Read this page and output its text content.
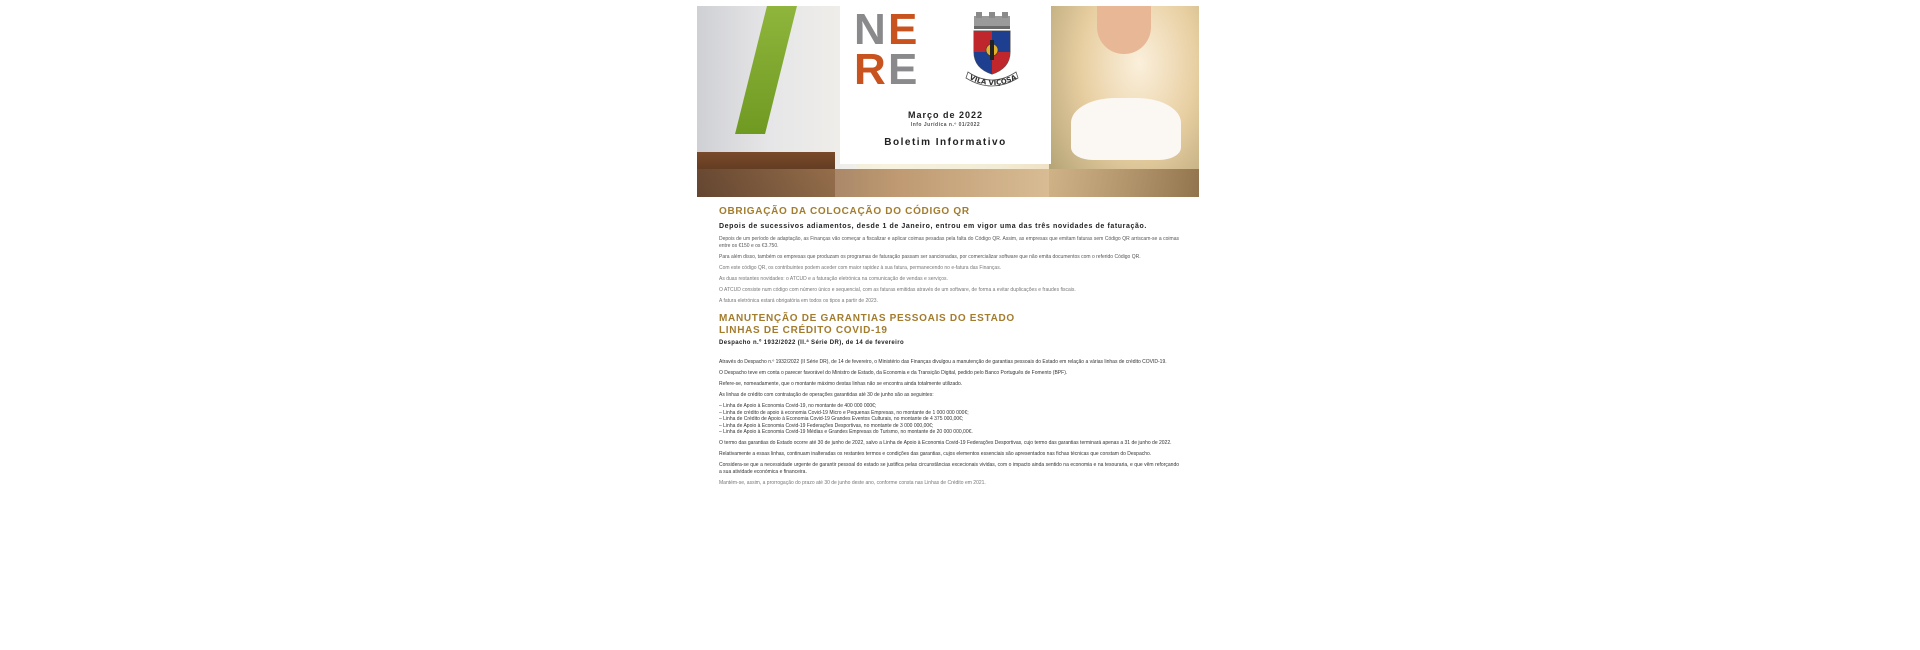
N E
R E	VILA VIÇOSA
Março de 2022
Info Jurídica n.º 01/2022
Boletim Informativo
OBRIGAÇÃO DA COLOCAÇÃO DO CÓDIGO QR
Depois de sucessivos adiamentos, desde 1 de Janeiro, entrou em vigor uma das três novidades de faturação.

Depois de um período de adaptação, as Finanças vão começar a fiscalizar e aplicar coimas pesadas pela falta do Código QR. Assim, as empresas que emitam faturas sem Código QR arriscam-se a coimas entre os €150 e os €3.750.

Para além disso, também os empresas que produzam os programas de faturação passam ser sancionadas, por comercializar software que não emita documentos com o referido Código QR.

Com este código QR, os contribuintes podem aceder com maior rapidez à sua fatura, permanecendo no e-fatura das Finanças.

As duas restantes novidades: o ATCUD e a faturação eletrónica na comunicação de vendas e serviços.

O ATCUD consiste num código com número único e sequencial, com as faturas emitidas através de um software, de forma a evitar duplicações e fraudes fiscais.

A fatura eletrónica estará obrigatória em todos os tipos a partir de 2023.

MANUTENÇÃO DE GARANTIAS PESSOAIS DO ESTADO
LINHAS DE CRÉDITO COVID-19
Despacho n.º 1932/2022 (II.ª Série DR), de 14 de fevereiro

Através do Despacho n.º 1932/2022 (II Série DR), de 14 de fevereiro, o Ministério das Finanças divulgou a manutenção de garantias pessoais do Estado em relação a várias linhas de crédito COVID-19.

O Despacho teve em conta o parecer favorável do Ministro de Estado, da Economia e da Transição Digital, pedido pelo Banco Português de Fomento (BPF).

Refere-se, nomeadamente, que o montante máximo destas linhas não se encontra ainda totalmente utilizado.

As linhas de crédito com contratação de operações garantidas até 30 de junho são as seguintes:

– Linha de Apoio à Economia Covid-19, no montante de 400 000 000€;
– Linha de crédito de apoio à economia Covid-19 Micro e Pequenas Empresas, no montante de 1 000 000 000€;
– Linha de Crédito de Apoio à Economia Covid-19 Grandes Eventos Culturais, no montante de 4 375 000,00€;
– Linha de Apoio à Economia Covid-19 Federações Desportivas, no montante de 3 000 000,00€;
– Linha de Apoio à Economia Covid-19 Médias e Grandes Empresas do Turismo, no montante de 20 000 000,00€.

O termo das garantias do Estado ocorre até 30 de junho de 2022, salvo a Linha de Apoio à Economia Covid-19 Federações Desportivas, cujo termo das garantias terminará apenas a 31 de junho de 2022.

Relativamente a essas linhas, continuam inalteradas os restantes termos e condições das garantias, cujos elementos essenciais são apresentados nas fichas técnicas que constam do Despacho.

Considera-se que a necessidade urgente de garantir pessoal do estado se justifica pelas circunstâncias excecionais vividas, com o impacto ainda sentido na economia e na tesouraria, e que vêm reforçando a sua atividade económica e financeira.

Mantém-se, assim, a prorrogação do prazo até 30 de junho deste ano, conforme consta nas Linhas de Crédito em 2021.
